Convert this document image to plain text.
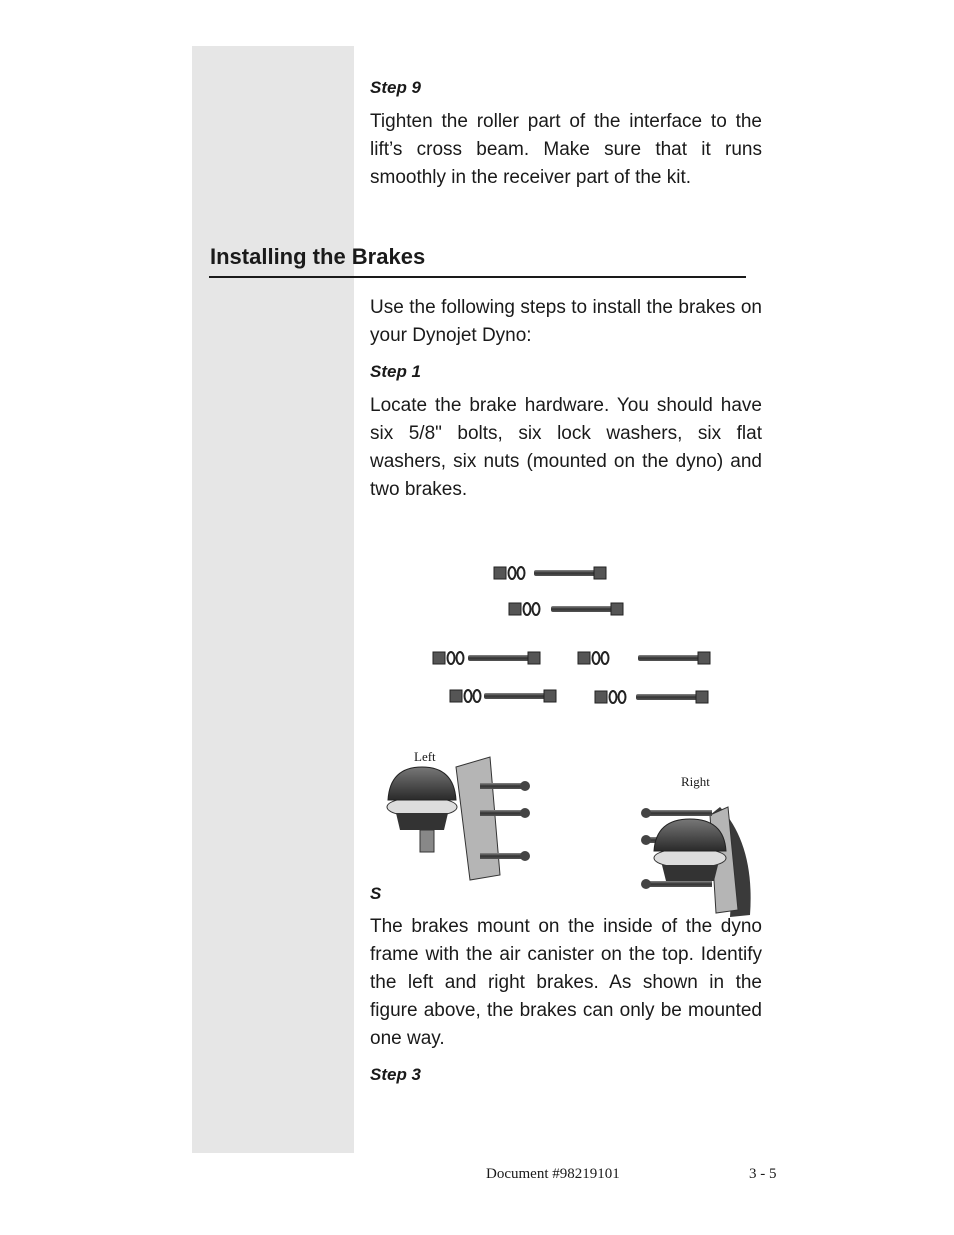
Step 9
Tighten the roller part of the interface to the lift’s cross beam. Make sure that it runs smoothly in the receiver part of the kit.
Installing the Brakes
Use the following steps to install the brakes on your Dynojet Dyno:
Step 1
Locate the brake hardware. You should have six 5/8" bolts, six lock washers, six flat washers, six nuts (mounted on the dyno) and two brakes.
Left
Right
S
The brakes mount on the inside of the dyno frame with the air canister on the top. Identify the left and right brakes. As shown in the figure above, the brakes can only be mounted one way.
Step 3
Document #98219101	3 - 5
